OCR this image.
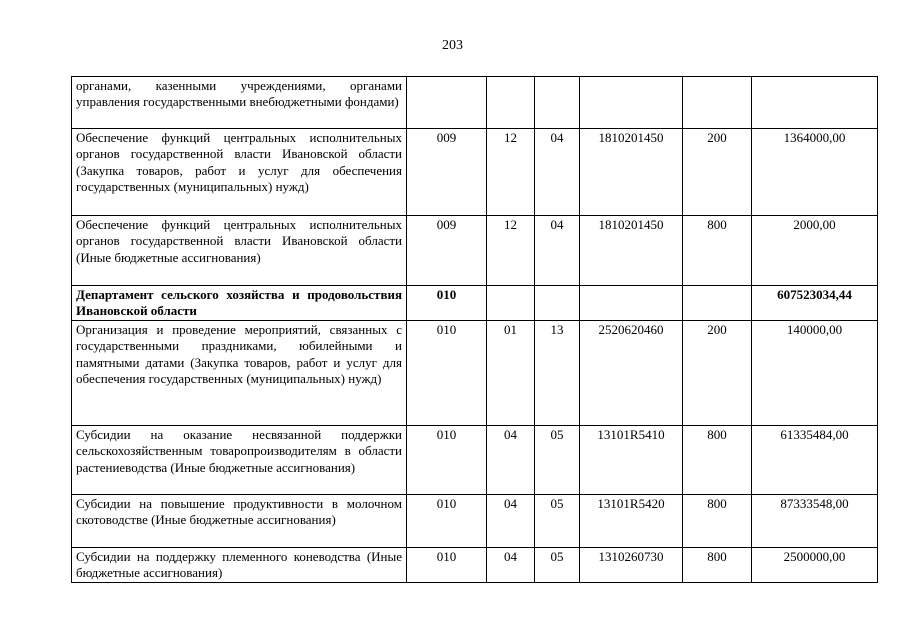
203
органами, казенными учреждениями, органами управления государственными внебюджетными фондами)						
Обеспечение функций центральных исполнительных органов государственной власти Ивановской области (Закупка товаров, работ и услуг для обеспечения государственных (муниципальных) нужд)	009	12	04	1810201450	200	1364000,00
Обеспечение функций центральных исполнительных органов государственной власти Ивановской области (Иные бюджетные ассигнования)	009	12	04	1810201450	800	2000,00
Департамент сельского хозяйства и продовольствия Ивановской области	010					607523034,44
Организация и проведение мероприятий, связанных с государственными праздниками, юбилейными и памятными датами (Закупка товаров, работ и услуг для обеспечения государственных (муниципальных) нужд)	010	01	13	2520620460	200	140000,00
Субсидии на оказание несвязанной поддержки сельскохозяйственным товаропроизводителям в области растениеводства (Иные бюджетные ассигнования)	010	04	05	13101R5410	800	61335484,00
Субсидии на повышение продуктивности в молочном скотоводстве (Иные бюджетные ассигнования)	010	04	05	13101R5420	800	87333548,00
Субсидии на поддержку племенного коневодства (Иные бюджетные ассигнования)	010	04	05	1310260730	800	2500000,00
